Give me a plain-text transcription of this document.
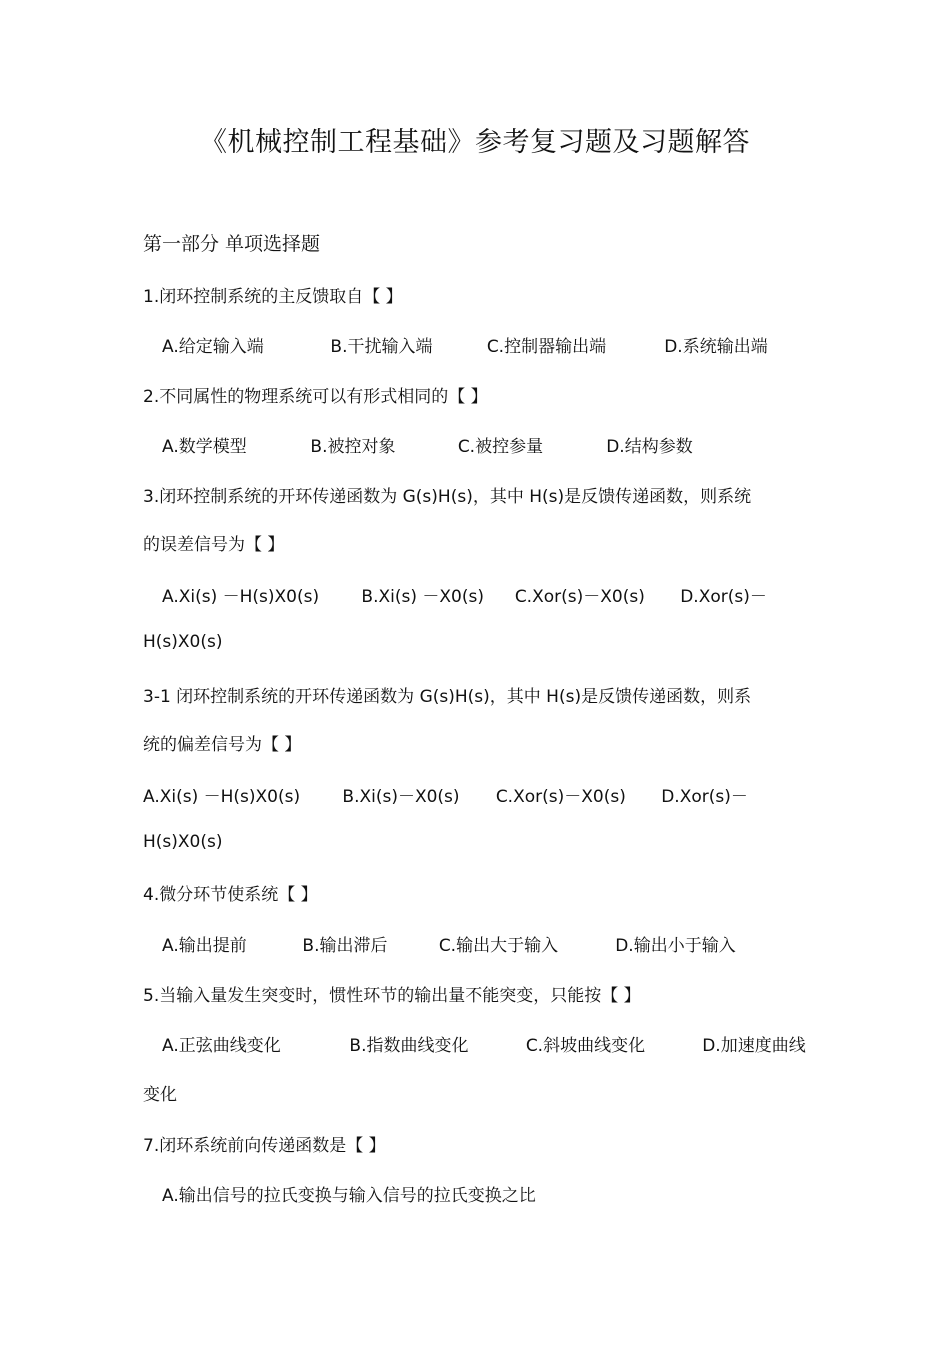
《机械控制工程基础》参考复习题及习题解答
第一部分 单项选择题
1.闭环控制系统的主反馈取自【 】
A.给定输入端	B.干扰输入端	C.控制器输出端	D.系统输出端
2.不同属性的物理系统可以有形式相同的【 】
A.数学模型	B.被控对象	C.被控参量	D.结构参数
3.闭环控制系统的开环传递函数为 G(s)H(s)，其中 H(s)是反馈传递函数，则系统
的误差信号为【 】
A.Xi(s) －H(s)X0(s) B.Xi(s) －X0(s) C.Xor(s)－X0(s) D.Xor(s)－
H(s)X0(s)
3-1 闭环控制系统的开环传递函数为 G(s)H(s)，其中 H(s)是反馈传递函数，则系
统的偏差信号为【 】
A.Xi(s) －H(s)X0(s) B.Xi(s)－X0(s) C.Xor(s)－X0(s) D.Xor(s)－
H(s)X0(s)
4.微分环节使系统【 】
A.输出提前	B.输出滞后	C.输出大于输入	D.输出小于输入
5.当输入量发生突变时，惯性环节的输出量不能突变，只能按【 】
A.正弦曲线变化	B.指数曲线变化	C.斜坡曲线变化	D.加速度曲线
变化
7.闭环系统前向传递函数是【 】
A.输出信号的拉氏变换与输入信号的拉氏变换之比
